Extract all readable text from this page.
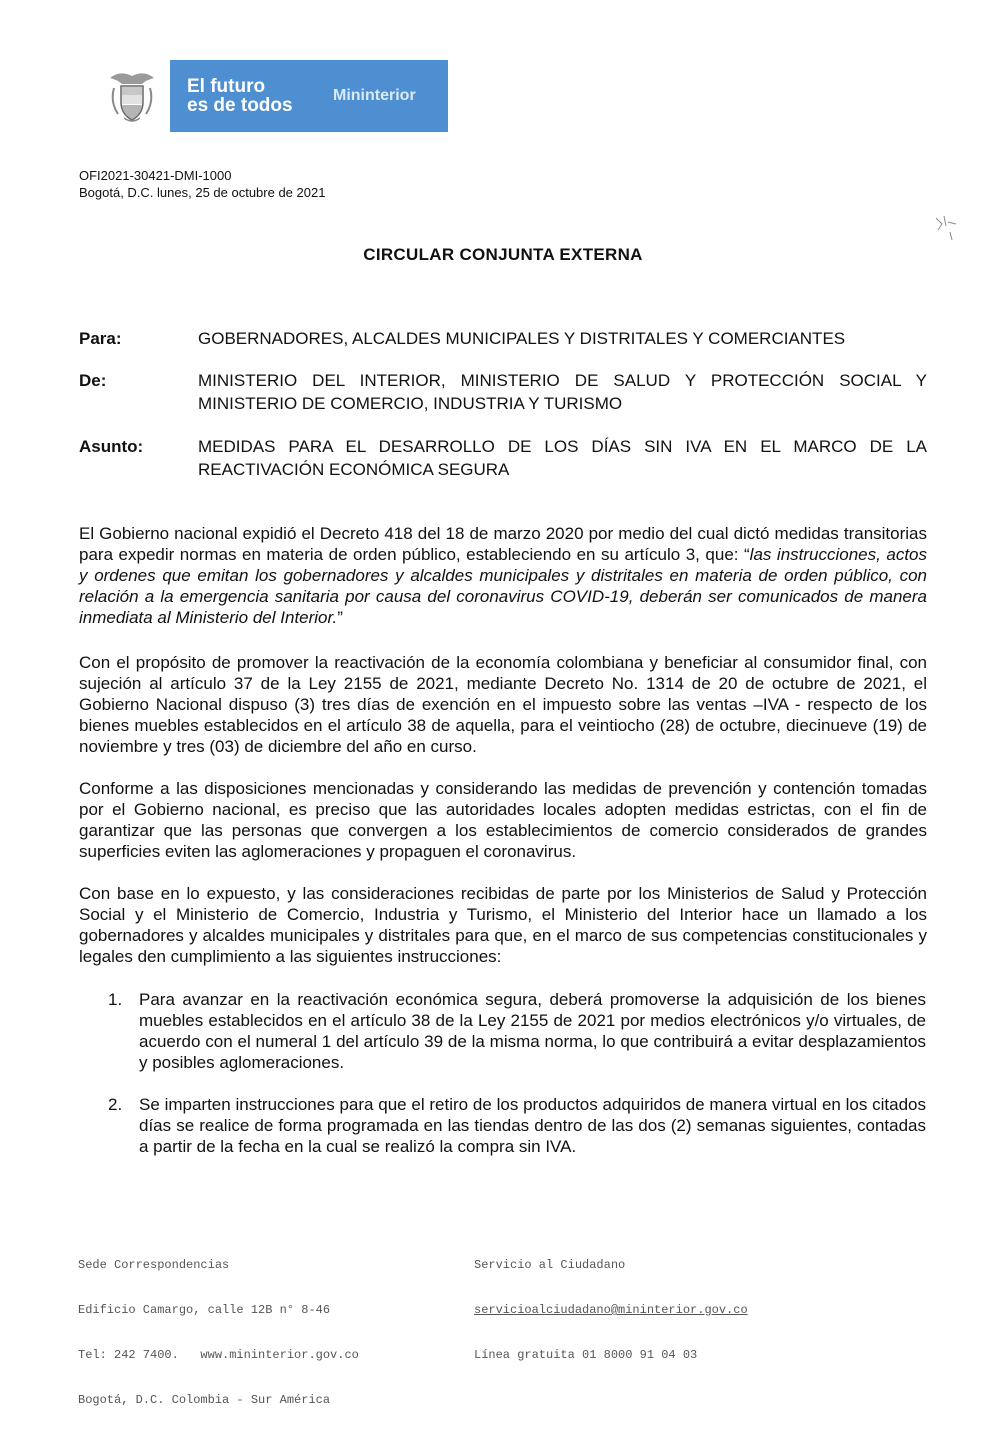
El futuro
es de todos	Mininterior
OFI2021-30421-DMI-1000
Bogotá, D.C. lunes, 25 de octubre de 2021
CIRCULAR CONJUNTA EXTERNA
Para:	GOBERNADORES, ALCALDES MUNICIPALES Y DISTRITALES Y COMERCIANTES
De:	MINISTERIO DEL INTERIOR, MINISTERIO DE SALUD Y PROTECCIÓN SOCIAL Y MINISTERIO DE COMERCIO, INDUSTRIA Y TURISMO
Asunto:	MEDIDAS PARA EL DESARROLLO DE LOS DÍAS SIN IVA EN EL MARCO DE LA REACTIVACIÓN ECONÓMICA SEGURA
El Gobierno nacional expidió el Decreto 418 del 18 de marzo 2020 por medio del cual dictó medidas transitorias para expedir normas en materia de orden público, estableciendo en su artículo 3, que: “las instrucciones, actos y ordenes que emitan los gobernadores y alcaldes municipales y distritales en materia de orden público, con relación a la emergencia sanitaria por causa del coronavirus COVID-19, deberán ser comunicados de manera inmediata al Ministerio del Interior.”
Con el propósito de promover la reactivación de la economía colombiana y beneficiar al consumidor final, con sujeción al artículo 37 de la Ley 2155 de 2021, mediante Decreto No. 1314 de 20 de octubre de 2021, el Gobierno Nacional dispuso (3) tres días de exención en el impuesto sobre las ventas –IVA - respecto de los bienes muebles establecidos en el artículo 38 de aquella, para el veintiocho (28) de octubre, diecinueve (19) de noviembre y tres (03) de diciembre del año en curso.
Conforme a las disposiciones mencionadas y considerando las medidas de prevención y contención tomadas por el Gobierno nacional, es preciso que las autoridades locales adopten medidas estrictas, con el fin de garantizar que las personas que convergen a los establecimientos de comercio considerados de grandes superficies eviten las aglomeraciones y propaguen el coronavirus.
Con base en lo expuesto, y las consideraciones recibidas de parte por los Ministerios de Salud y Protección Social y el Ministerio de Comercio, Industria y Turismo, el Ministerio del Interior hace un llamado a los gobernadores y alcaldes municipales y distritales para que, en el marco de sus competencias constitucionales y legales den cumplimiento a las siguientes instrucciones:
1. Para avanzar en la reactivación económica segura, deberá promoverse la adquisición de los bienes muebles establecidos en el artículo 38 de la Ley 2155 de 2021 por medios electrónicos y/o virtuales, de acuerdo con el numeral 1 del artículo 39 de la misma norma, lo que contribuirá a evitar desplazamientos y posibles aglomeraciones.
2. Se imparten instrucciones para que el retiro de los productos adquiridos de manera virtual en los citados días se realice de forma programada en las tiendas dentro de las dos (2) semanas siguientes, contadas a partir de la fecha en la cual se realizó la compra sin IVA.

Sede Correspondencias

Edificio Camargo, calle 12B n° 8-46

Tel: 242 7400.   www.mininterior.gov.co

Bogotá, D.C. Colombia - Sur América

Servicio al Ciudadano

servicioalciudadano@mininterior.gov.co

Línea gratuita 01 8000 91 04 03
